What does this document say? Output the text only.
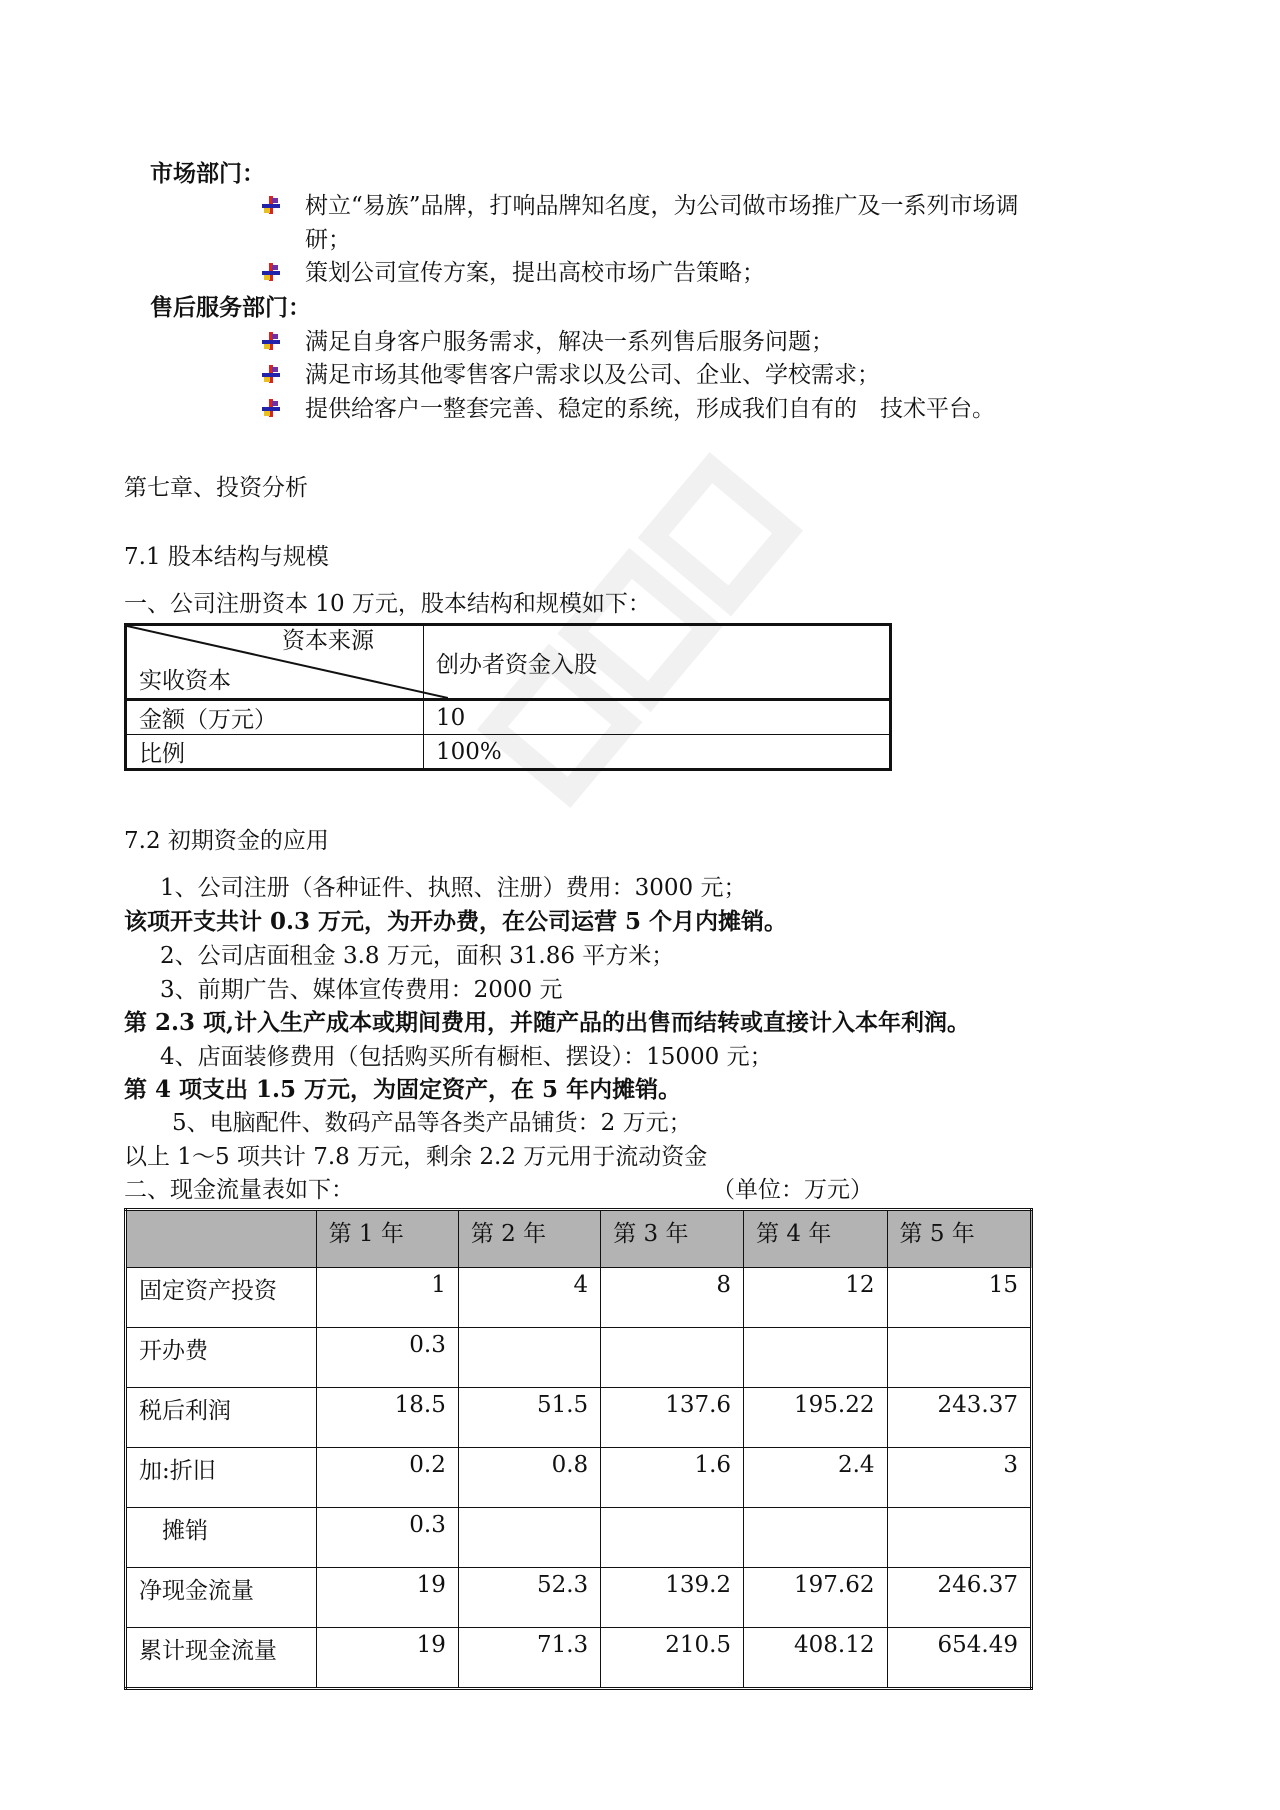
市场部门：
售后服务部门：
树立“易族”品牌，打响品牌知名度，为公司做市场推广及一系列市场调
研；
策划公司宣传方案，提出高校市场广告策略；
满足自身客户服务需求，解决一系列售后服务问题；
满足市场其他零售客户需求以及公司、企业、学校需求；
提供给客户一整套完善、稳定的系统，形成我们自有的　技术平台。
第七章、投资分析
7.1 股本结构与规模
一、公司注册资本 10 万元，股本结构和规模如下：
资本来源
实收资本	创办者资金入股
金额（万元）	10
比例	100%
7.2 初期资金的应用
1、公司注册（各种证件、执照、注册）费用：3000 元；
该项开支共计 0.3 万元，为开办费，在公司运营 5 个月内摊销。
2、公司店面租金 3.8 万元，面积 31.86 平方米；
3、前期广告、媒体宣传费用：2000 元
第 2.3 项,计入生产成本或期间费用，并随产品的出售而结转或直接计入本年利润。
4、店面装修费用（包括购买所有橱柜、摆设）：15000 元；
第 4 项支出 1.5 万元，为固定资产，在 5 年内摊销。
5、电脑配件、数码产品等各类产品铺货：2 万元；
以上 1～5 项共计 7.8 万元，剩余 2.2 万元用于流动资金
二、现金流量表如下：	（单位：万元）
	第 1 年	第 2 年	第 3 年	第 4 年	第 5 年
固定资产投资	1	4	8	12	15
开办费	0.3				
税后利润	18.5	51.5	137.6	195.22	243.37
加:折旧	0.2	0.8	1.6	2.4	3
　摊销	0.3				
净现金流量	19	52.3	139.2	197.62	246.37
累计现金流量	19	71.3	210.5	408.12	654.49
